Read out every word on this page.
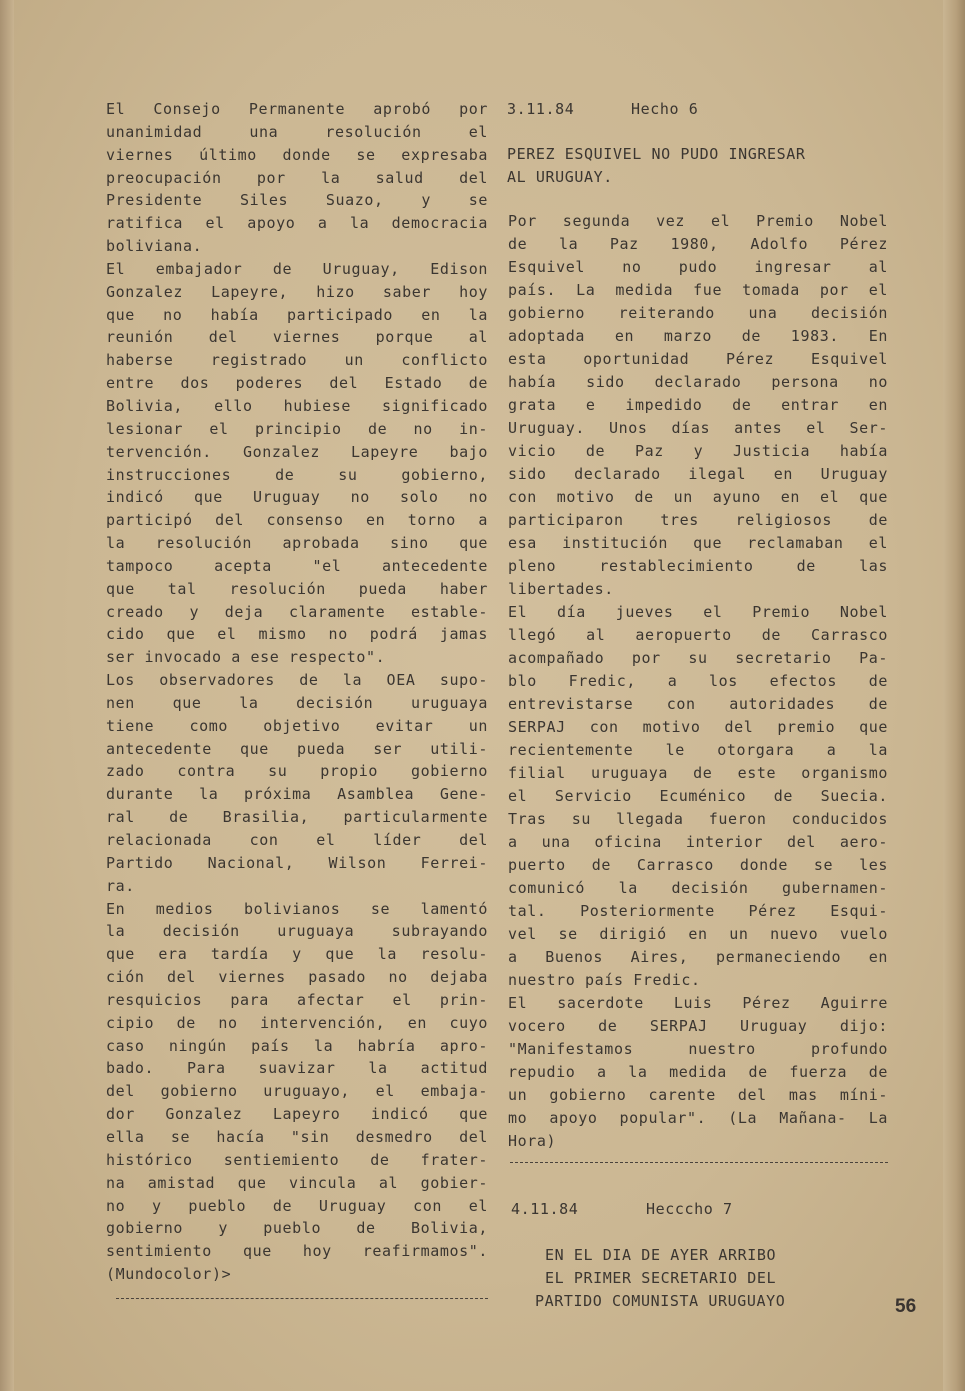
El Consejo Permanente aprobó por
unanimidad una resolución el
viernes último donde se expresaba
preocupación por la salud del
Presidente Siles Suazo, y se
ratifica el apoyo a la democracia
boliviana.
El embajador de Uruguay, Edison
Gonzalez Lapeyre, hizo saber hoy
que no había participado en la
reunión del viernes porque al
haberse registrado un conflicto
entre dos poderes del Estado de
Bolivia, ello hubiese significado
lesionar el principio de no in-
tervención. Gonzalez Lapeyre bajo
instrucciones de su gobierno,
indicó que Uruguay no solo no
participó del consenso en torno a
la resolución aprobada sino que
tampoco acepta "el antecedente
que tal resolución pueda haber
creado y deja claramente estable-
cido que el mismo no podrá jamas
ser invocado a ese respecto".
Los observadores de la OEA supo-
nen que la decisión uruguaya
tiene como objetivo evitar un
antecedente que pueda ser utili-
zado contra su propio gobierno
durante la próxima Asamblea Gene-
ral de Brasilia, particularmente
relacionada con el líder del
Partido Nacional, Wilson Ferrei-
ra.
En medios bolivianos se lamentó
la decisión uruguaya subrayando
que era tardía y que la resolu-
ción del viernes pasado no dejaba
resquicios para afectar el prin-
cipio de no intervención, en cuyo
caso ningún país la habría apro-
bado. Para suavizar la actitud
del gobierno uruguayo, el embaja-
dor Gonzalez Lapeyro indicó que
ella se hacía "sin desmedro del
histórico sentiemiento de frater-
na amistad que vincula al gobier-
no y pueblo de Uruguay con el
gobierno y pueblo de Bolivia,
sentimiento que hoy reafirmamos".
(Mundocolor)>
3.11.84	Hecho 6
PEREZ ESQUIVEL NO PUDO INGRESAR
AL URUGUAY.
Por segunda vez el Premio Nobel
de la Paz 1980, Adolfo Pérez
Esquivel no pudo ingresar al
país. La medida fue tomada por el
gobierno reiterando una decisión
adoptada en marzo de 1983. En
esta oportunidad Pérez Esquivel
había sido declarado persona no
grata e impedido de entrar en
Uruguay. Unos días antes el Ser-
vicio de Paz y Justicia había
sido declarado ilegal en Uruguay
con motivo de un ayuno en el que
participaron tres religiosos de
esa institución que reclamaban el
pleno restablecimiento de las
libertades.
El día jueves el Premio Nobel
llegó al aeropuerto de Carrasco
acompañado por su secretario Pa-
blo Fredic, a los efectos de
entrevistarse con autoridades de
SERPAJ con motivo del premio que
recientemente le otorgara a la
filial uruguaya de este organismo
el Servicio Ecuménico de Suecia.
Tras su llegada fueron conducidos
a una oficina interior del aero-
puerto de Carrasco donde se les
comunicó la decisión gubernamen-
tal. Posteriormente Pérez Esqui-
vel se dirigió en un nuevo vuelo
a Buenos Aires, permaneciendo en
nuestro país Fredic.
El sacerdote Luis Pérez Aguirre
vocero de SERPAJ Uruguay dijo:
"Manifestamos nuestro profundo
repudio a la medida de fuerza de
un gobierno carente del mas míni-
mo apoyo popular". (La Mañana- La
Hora)
4.11.84	Hecccho 7
EN EL DIA DE AYER ARRIBO
EL PRIMER SECRETARIO DEL
PARTIDO COMUNISTA URUGUAYO	56
